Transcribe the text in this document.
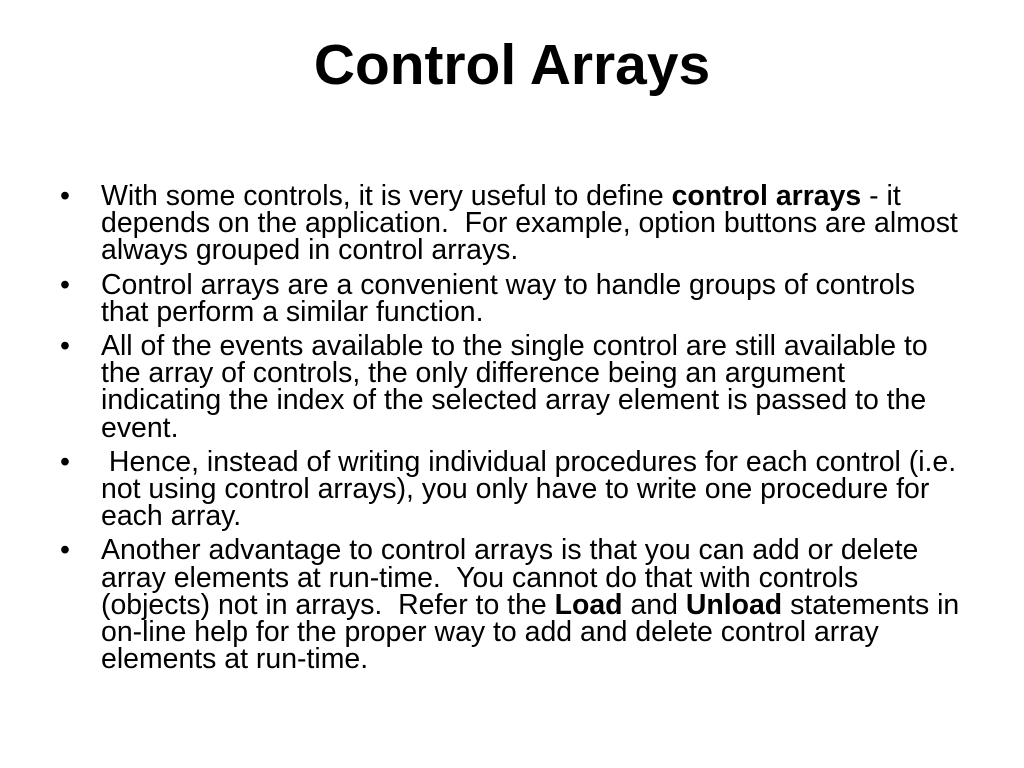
Control Arrays
• With some controls, it is very useful to define control arrays - it
depends on the application.  For example, option buttons are almost
always grouped in control arrays.
• Control arrays are a convenient way to handle groups of controls
that perform a similar function.
• All of the events available to the single control are still available to
the array of controls, the only difference being an argument
indicating the index of the selected array element is passed to the
event.
• Hence, instead of writing individual procedures for each control (i.e.
not using control arrays), you only have to write one procedure for
each array.
• Another advantage to control arrays is that you can add or delete
array elements at run-time.  You cannot do that with controls
(objects) not in arrays.  Refer to the Load and Unload statements in
on-line help for the proper way to add and delete control array
elements at run-time.
